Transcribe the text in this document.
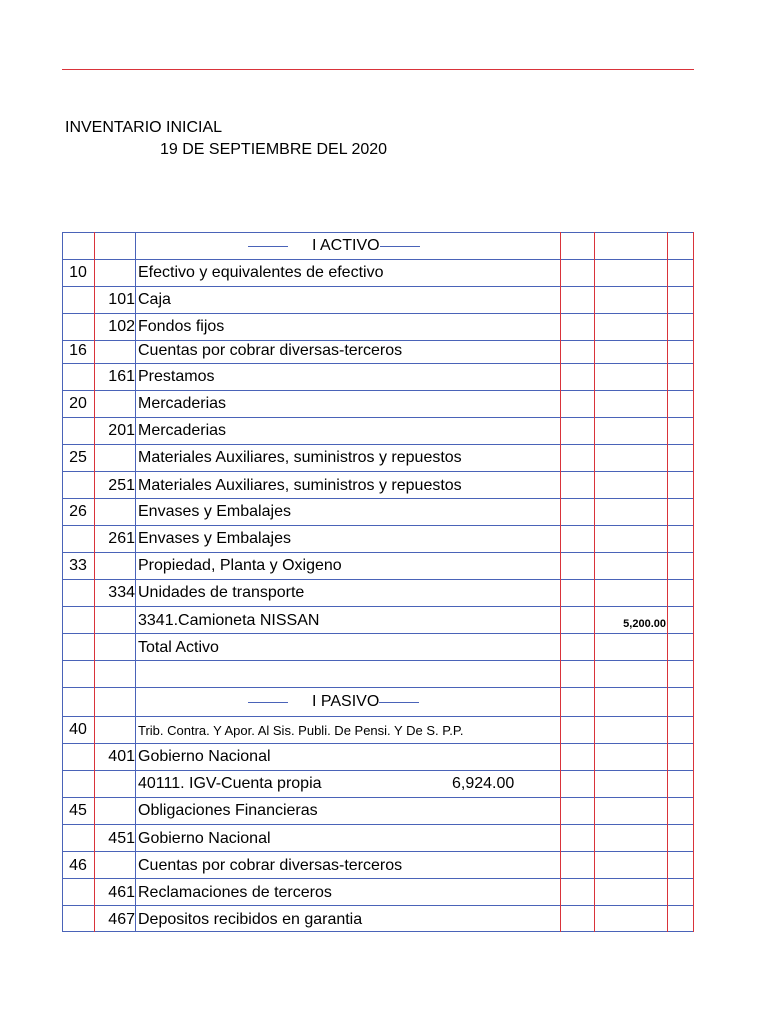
INVENTARIO INICIAL
19 DE SEPTIEMBRE DEL 2020
I ACTIVO
10	Efectivo y equivalentes de efectivo
101 Caja
102 Fondos fijos
16	Cuentas por cobrar diversas-terceros
161 Prestamos
20	Mercaderias
201 Mercaderias
25	Materiales Auxiliares, suministros y repuestos
251 Materiales Auxiliares, suministros y repuestos
26	Envases y Embalajes
261 Envases y Embalajes
33	Propiedad, Planta y Oxigeno
334 Unidades de transporte
3341.Camioneta NISSAN	5,200.00
Total Activo
I PASIVO
40	Trib. Contra. Y Apor. Al Sis. Publi. De Pensi. Y De S. P.P.
401 Gobierno Nacional
40111. IGV-Cuenta propia	6,924.00
45	Obligaciones Financieras
451 Gobierno Nacional
46	Cuentas por cobrar diversas-terceros
461 Reclamaciones de terceros
467 Depositos recibidos en garantia
